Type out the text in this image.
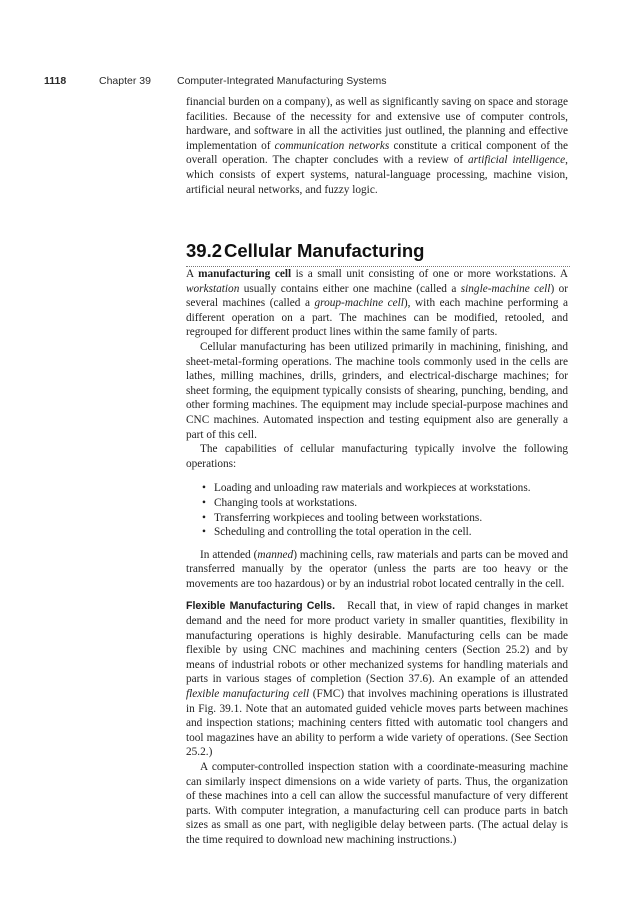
1118	Chapter 39 Computer-Integrated Manufacturing Systems

financial burden on a company), as well as significantly saving on space and storage facilities. Because of the necessity for and extensive use of computer controls, hardware, and software in all the activities just outlined, the planning and effective implementation of communication networks constitute a critical component of the overall operation. The chapter concludes with a review of artificial intelligence, which consists of expert systems, natural-language processing, machine vision, artificial neural networks, and fuzzy logic.

39.2 Cellular Manufacturing

A manufacturing cell is a small unit consisting of one or more workstations. A workstation usually contains either one machine (called a single-machine cell) or several machines (called a group-machine cell), with each machine performing a different operation on a part. The machines can be modified, retooled, and regrouped for different product lines within the same family of parts.

Cellular manufacturing has been utilized primarily in machining, finishing, and sheet-metal-forming operations. The machine tools commonly used in the cells are lathes, milling machines, drills, grinders, and electrical-discharge machines; for sheet forming, the equipment typically consists of shearing, punching, bending, and other forming machines. The equipment may include special-purpose machines and CNC machines. Automated inspection and testing equipment also are generally a part of this cell.

The capabilities of cellular manufacturing typically involve the following operations:

• Loading and unloading raw materials and workpieces at workstations.
• Changing tools at workstations.
• Transferring workpieces and tooling between workstations.
• Scheduling and controlling the total operation in the cell.

In attended (manned) machining cells, raw materials and parts can be moved and transferred manually by the operator (unless the parts are too heavy or the movements are too hazardous) or by an industrial robot located centrally in the cell.

Flexible Manufacturing Cells. Recall that, in view of rapid changes in market demand and the need for more product variety in smaller quantities, flexibility in manufacturing operations is highly desirable. Manufacturing cells can be made flexible by using CNC machines and machining centers (Section 25.2) and by means of industrial robots or other mechanized systems for handling materials and parts in various stages of completion (Section 37.6). An example of an attended flexible manufacturing cell (FMC) that involves machining operations is illustrated in Fig. 39.1. Note that an automated guided vehicle moves parts between machines and inspection stations; machining centers fitted with automatic tool changers and tool magazines have an ability to perform a wide variety of operations. (See Section 25.2.)

A computer-controlled inspection station with a coordinate-measuring machine can similarly inspect dimensions on a wide variety of parts. Thus, the organization of these machines into a cell can allow the successful manufacture of very different parts. With computer integration, a manufacturing cell can produce parts in batch sizes as small as one part, with negligible delay between parts. (The actual delay is the time required to download new machining instructions.)
